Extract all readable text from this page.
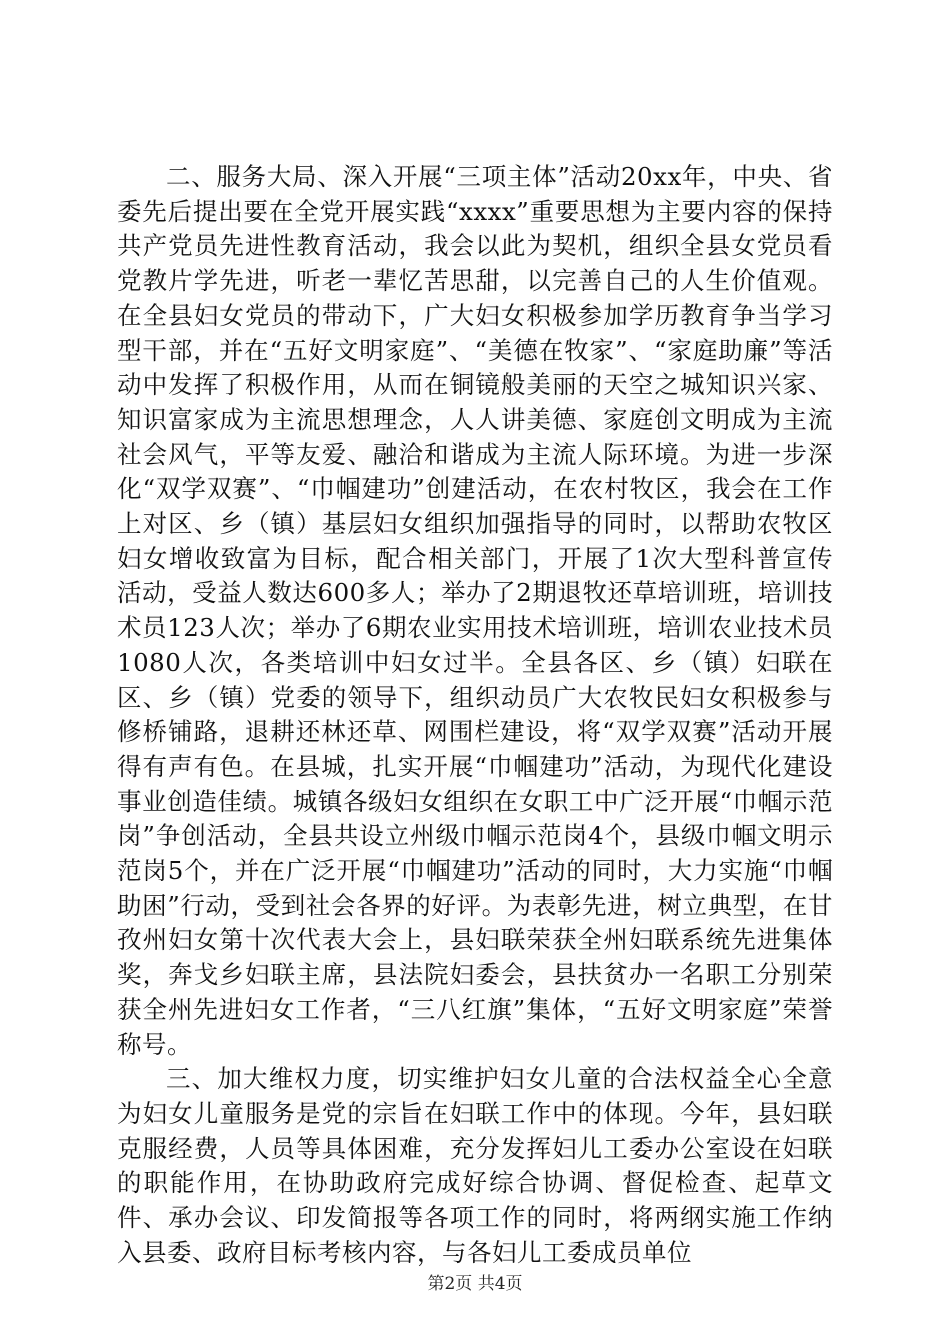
二、服务大局、深入开展“三项主体”活动20xx年，中央、省委先后提出要在全党开展实践“xxxx”重要思想为主要内容的保持共产党员先进性教育活动，我会以此为契机，组织全县女党员看党教片学先进，听老一辈忆苦思甜，以完善自己的人生价值观。在全县妇女党员的带动下，广大妇女积极参加学历教育争当学习型干部，并在“五好文明家庭”、“美德在牧家”、“家庭助廉”等活动中发挥了积极作用，从而在铜镜般美丽的天空之城知识兴家、知识富家成为主流思想理念，人人讲美德、家庭创文明成为主流社会风气，平等友爱、融洽和谐成为主流人际环境。为进一步深化“双学双赛”、“巾帼建功”创建活动，在农村牧区，我会在工作上对区、乡（镇）基层妇女组织加强指导的同时，以帮助农牧区妇女增收致富为目标，配合相关部门，开展了1次大型科普宣传活动，受益人数达600多人；举办了2期退牧还草培训班，培训技术员123人次；举办了6期农业实用技术培训班，培训农业技术员1080人次，各类培训中妇女过半。全县各区、乡（镇）妇联在区、乡（镇）党委的领导下，组织动员广大农牧民妇女积极参与修桥铺路，退耕还林还草、网围栏建设，将“双学双赛”活动开展得有声有色。在县城，扎实开展“巾帼建功”活动，为现代化建设事业创造佳绩。城镇各级妇女组织在女职工中广泛开展“巾帼示范岗”争创活动，全县共设立州级巾帼示范岗4个，县级巾帼文明示范岗5个，并在广泛开展“巾帼建功”活动的同时，大力实施“巾帼助困”行动，受到社会各界的好评。为表彰先进，树立典型，在甘孜州妇女第十次代表大会上，县妇联荣获全州妇联系统先进集体奖，奔戈乡妇联主席，县法院妇委会，县扶贫办一名职工分别荣获全州先进妇女工作者，“三八红旗”集体，“五好文明家庭”荣誉称号。

三、加大维权力度，切实维护妇女儿童的合法权益全心全意为妇女儿童服务是党的宗旨在妇联工作中的体现。今年，县妇联克服经费，人员等具体困难，充分发挥妇儿工委办公室设在妇联的职能作用，在协助政府完成好综合协调、督促检查、起草文件、承办会议、印发简报等各项工作的同时，将两纲实施工作纳入县委、政府目标考核内容，与各妇儿工委成员单位

第2页 共4页
